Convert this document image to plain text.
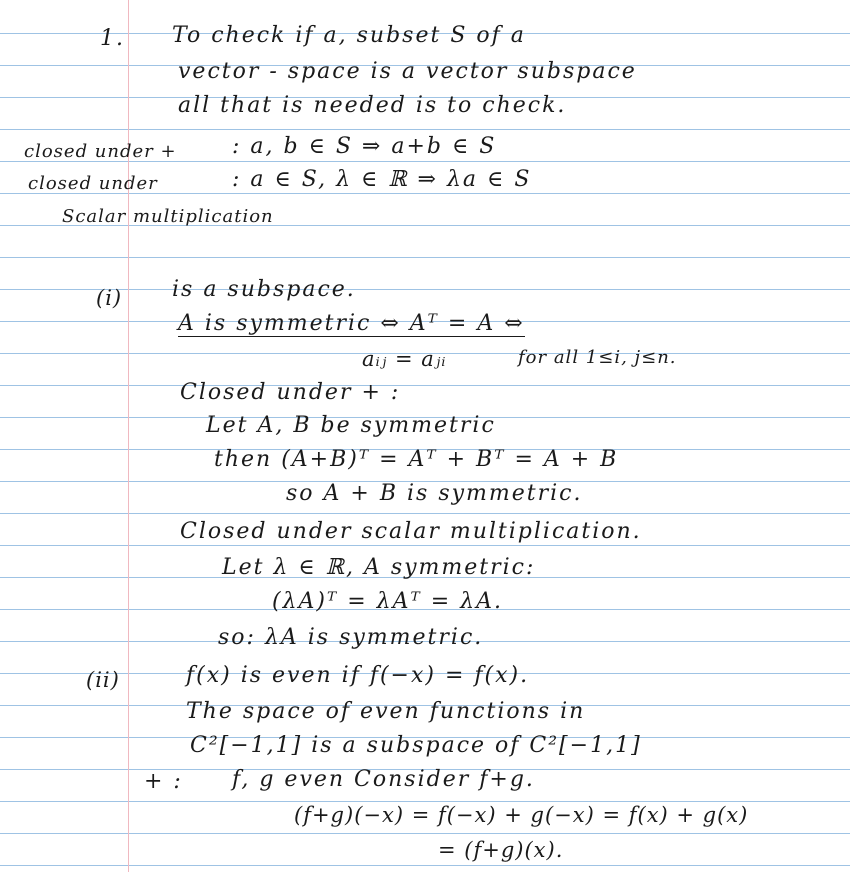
1. To check if a, subset S of a
vector - space is a vector subspace
all that is needed is to check.
closed under +	: a, b ∈ S ⇒ a+b ∈ S
closed under	: a ∈ S, λ ∈ ℝ ⇒ λa ∈ S
Scalar multiplication
(i) is a subspace.
A is symmetric ⇔ Aᵀ = A ⇔
aᵢⱼ = aⱼᵢ	for all 1≤i, j≤n.
Closed under + :
Let A, B be symmetric
then (A+B)ᵀ = Aᵀ + Bᵀ = A + B
so A + B is symmetric.
Closed under scalar multiplication.
Let λ ∈ ℝ, A symmetric:
(λA)ᵀ = λAᵀ = λA.
so: λA is symmetric.
(ii)	f(x) is even if f(−x) = f(x).
The space of even functions in
C²[−1,1] is a subspace of C²[−1,1]
+ : f, g even Consider f+g.
(f+g)(−x) = f(−x) + g(−x) = f(x) + g(x)
= (f+g)(x).
